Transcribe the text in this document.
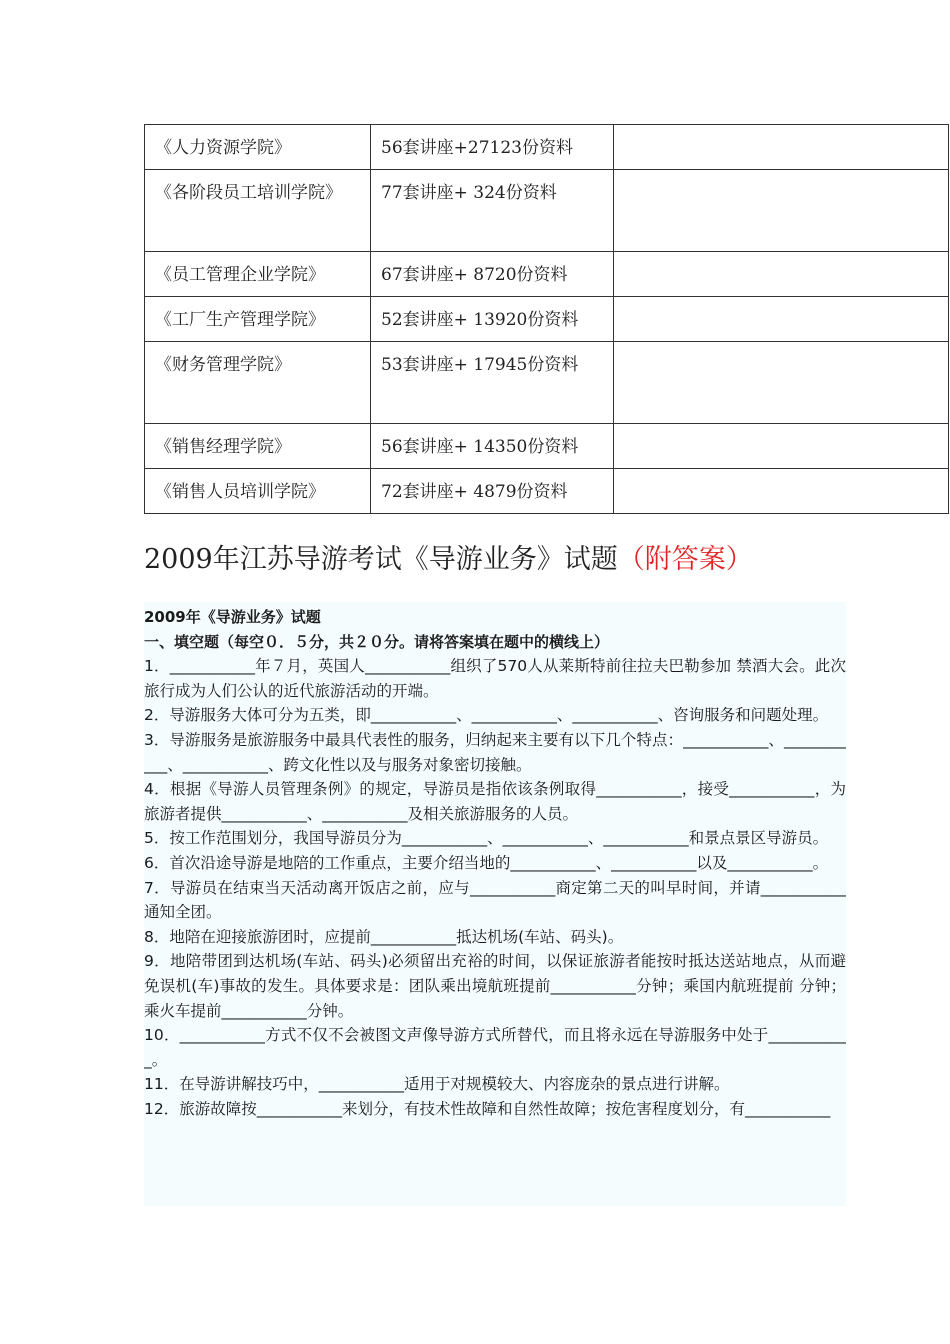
《人力资源学院》	56套讲座+27123份资料	
《各阶段员工培训学院》	77套讲座+ 324份资料	
《员工管理企业学院》	67套讲座+ 8720份资料	
《工厂生产管理学院》	52套讲座+ 13920份资料	
《财务管理学院》	53套讲座+ 17945份资料	
《销售经理学院》	56套讲座+ 14350份资料	
《销售人员培训学院》	72套讲座+ 4879份资料	
2009年江苏导游考试《导游业务》试题（附答案）
2009年《导游业务》试题
一、填空题（每空０．５分，共２０分。请将答案填在题中的横线上）

1．___________年７月，英国人___________组织了570人从莱斯特前往拉夫巴勒参加 禁酒大会。此次旅行成为人们公认的近代旅游活动的开端。

2．导游服务大体可分为五类，即___________、___________、___________、咨询服务和问题处理。

3．导游服务是旅游服务中最具代表性的服务，归纳起来主要有以下几个特点：___________、___________、___________、跨文化性以及与服务对象密切接触。

4．根据《导游人员管理条例》的规定，导游员是指依该条例取得___________，接受___________，为旅游者提供___________、___________及相关旅游服务的人员。

5．按工作范围划分，我国导游员分为___________、___________、___________和景点景区导游员。

6．首次沿途导游是地陪的工作重点，主要介绍当地的___________、___________以及___________。

7．导游员在结束当天活动离开饭店之前，应与___________商定第二天的叫早时间，并请___________通知全团。

8．地陪在迎接旅游团时，应提前___________抵达机场(车站、码头)。

9．地陪带团到达机场(车站、码头)必须留出充裕的时间，以保证旅游者能按时抵达送站地点，从而避免误机(车)事故的发生。具体要求是：团队乘出境航班提前___________分钟；乘国内航班提前 分钟；乘火车提前___________分钟。

10．___________方式不仅不会被图文声像导游方式所替代，而且将永远在导游服务中处于___________。

11．在导游讲解技巧中，___________适用于对规模较大、内容庞杂的景点进行讲解。

12．旅游故障按___________来划分，有技术性故障和自然性故障；按危害程度划分，有___________
